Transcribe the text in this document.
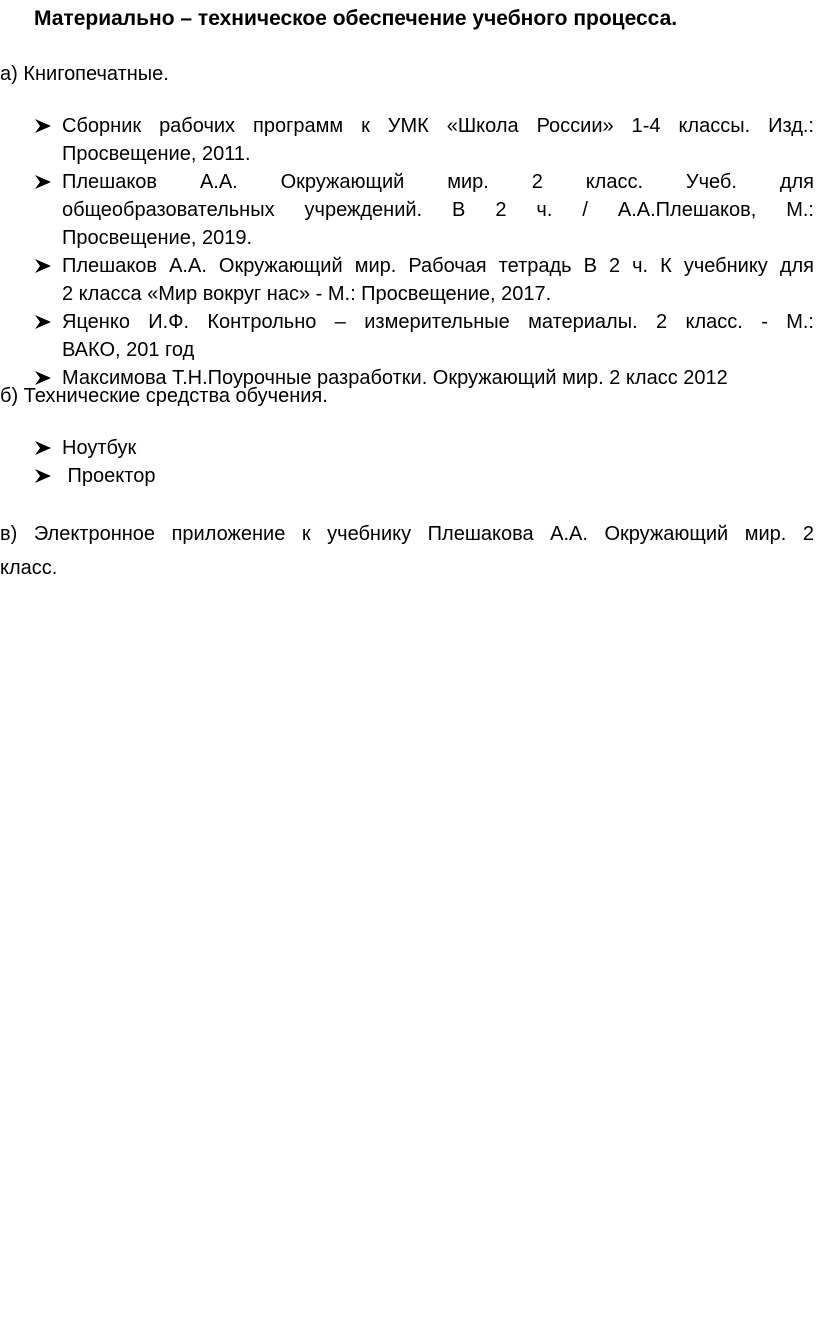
Материально – техническое обеспечение учебного процесса.
а) Книгопечатные.
Сборник рабочих программ к УМК «Школа России» 1-4 классы. Изд.:
Просвещение, 2011.
Плешаков А.А. Окружающий мир. 2 класс. Учеб. для
общеобразовательных учреждений. В 2 ч. / А.А.Плешаков, М.:
Просвещение, 2019.
Плешаков А.А. Окружающий мир. Рабочая тетрадь В 2 ч. К учебнику для
2 класса «Мир вокруг нас» - М.: Просвещение, 2017.
Яценко И.Ф. Контрольно – измерительные материалы. 2 класс. - М.:
ВАКО, 201 год
Максимова Т.Н.Поурочные разработки. Окружающий мир. 2 класс 2012
б) Технические средства обучения.
Ноутбук
Проектор
в) Электронное приложение к учебнику Плешакова А.А. Окружающий мир. 2
класс.
